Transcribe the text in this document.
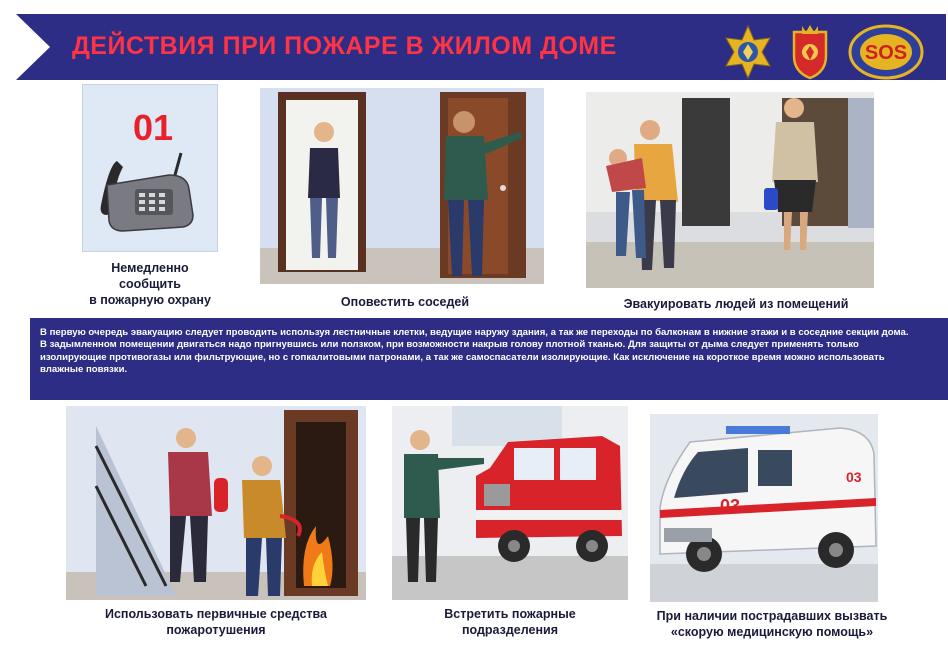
ДЕЙСТВИЯ ПРИ ПОЖАРЕ В ЖИЛОМ ДОМЕ	SOS
01
Немедленно
сообщить
в пожарную охрану	Оповестить соседей	Эвакуировать людей из помещений
В первую очередь эвакуацию следует проводить используя лестничные клетки, ведущие наружу здания, а так же переходы по балконам в нижние этажи и в соседние секции дома. В задымленном помещении двигаться надо пригнувшись или ползком, при возможности накрыв голову плотной тканью. Для защиты от дыма следует применять только изолирующие противогазы или фильтрующие, но с гопкалитовыми патронами, а так же самоспасатели изолирующие. Как исключение на короткое время можно использовать влажные повязки.
Использовать первичные средства
пожаротушения
Встретить пожарные
подразделения
03
03
При наличии пострадавших вызвать
«скорую медицинскую помощь»
